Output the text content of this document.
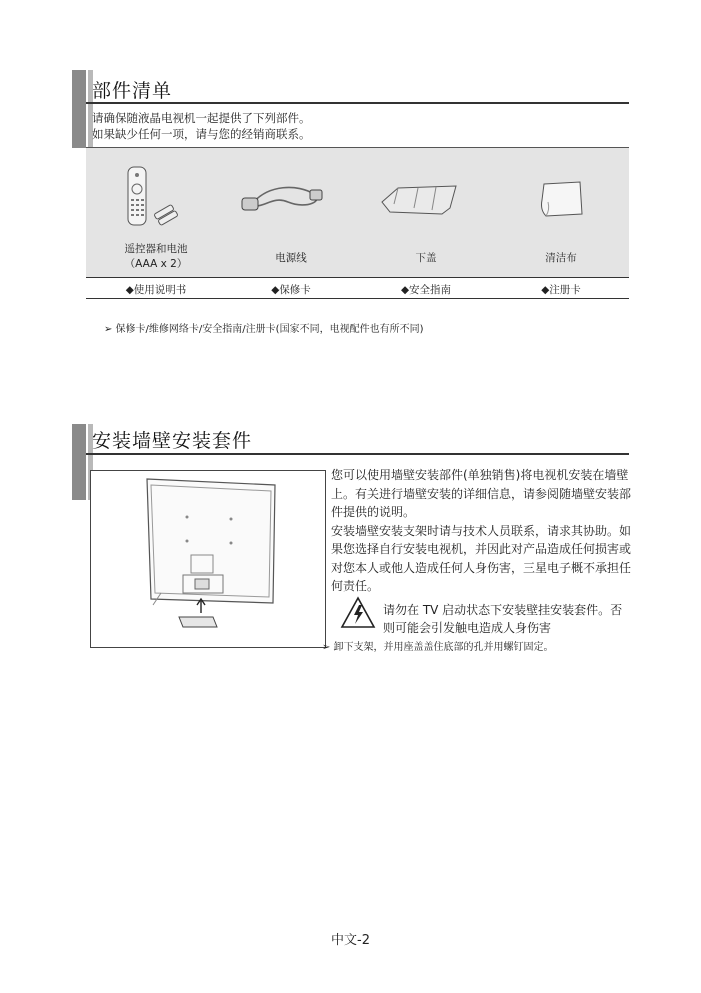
部件清单
请确保随液晶电视机一起提供了下列部件。
如果缺少任何一项，请与您的经销商联系。
遥控器和电池
（AAA x 2）	电源线	下盖	清洁布
◆使用说明书	◆保修卡	◆安全指南	◆注册卡
➢ 保修卡/维修网络卡/安全指南/注册卡(国家不同，电视配件也有所不同)
安装墙壁安装套件
您可以使用墙壁安装部件(单独销售)将电视机安装在墙壁上。有关进行墙壁安装的详细信息，请参阅随墙壁安装部件提供的说明。
安装墙壁安装支架时请与技术人员联系，请求其协助。如果您选择自行安装电视机，并因此对产品造成任何损害或对您本人或他人造成任何人身伤害，三星电子概不承担任何责任。
请勿在 TV 启动状态下安装壁挂安装套件。否则可能会引发触电造成人身伤害
➢ 卸下支架，并用座盖盖住底部的孔并用螺钉固定。
中文-2
